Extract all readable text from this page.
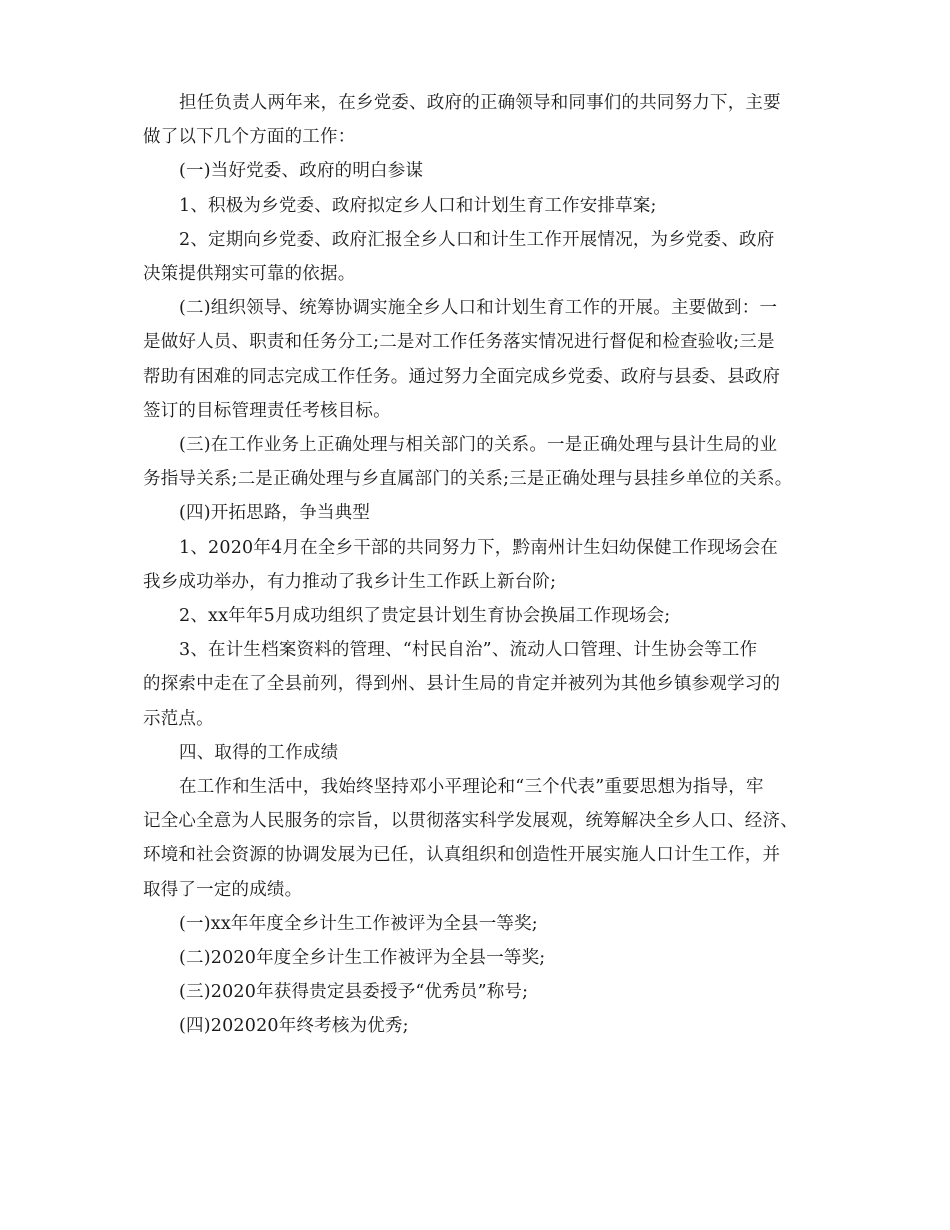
担任负责人两年来，在乡党委、政府的正确领导和同事们的共同努力下，主要
做了以下几个方面的工作：

(一)当好党委、政府的明白参谋

1、积极为乡党委、政府拟定乡人口和计划生育工作安排草案;

2、定期向乡党委、政府汇报全乡人口和计生工作开展情况，为乡党委、政府
决策提供翔实可靠的依据。

(二)组织领导、统筹协调实施全乡人口和计划生育工作的开展。主要做到：一
是做好人员、职责和任务分工;二是对工作任务落实情况进行督促和检查验收;三是
帮助有困难的同志完成工作任务。通过努力全面完成乡党委、政府与县委、县政府
签订的目标管理责任考核目标。

(三)在工作业务上正确处理与相关部门的关系。一是正确处理与县计生局的业
务指导关系;二是正确处理与乡直属部门的关系;三是正确处理与县挂乡单位的关系。

(四)开拓思路，争当典型

1、2020年4月在全乡干部的共同努力下，黔南州计生妇幼保健工作现场会在
我乡成功举办，有力推动了我乡计生工作跃上新台阶;

2、xx年年5月成功组织了贵定县计划生育协会换届工作现场会;

3、在计生档案资料的管理、“村民自治”、流动人口管理、计生协会等工作
的探索中走在了全县前列，得到州、县计生局的肯定并被列为其他乡镇参观学习的
示范点。

四、取得的工作成绩

在工作和生活中，我始终坚持邓小平理论和“三个代表”重要思想为指导，牢
记全心全意为人民服务的宗旨，以贯彻落实科学发展观，统筹解决全乡人口、经济、
环境和社会资源的协调发展为已任，认真组织和创造性开展实施人口计生工作，并
取得了一定的成绩。

(一)xx年年度全乡计生工作被评为全县一等奖;

(二)2020年度全乡计生工作被评为全县一等奖;

(三)2020年获得贵定县委授予“优秀员”称号;

(四)202020年终考核为优秀;
